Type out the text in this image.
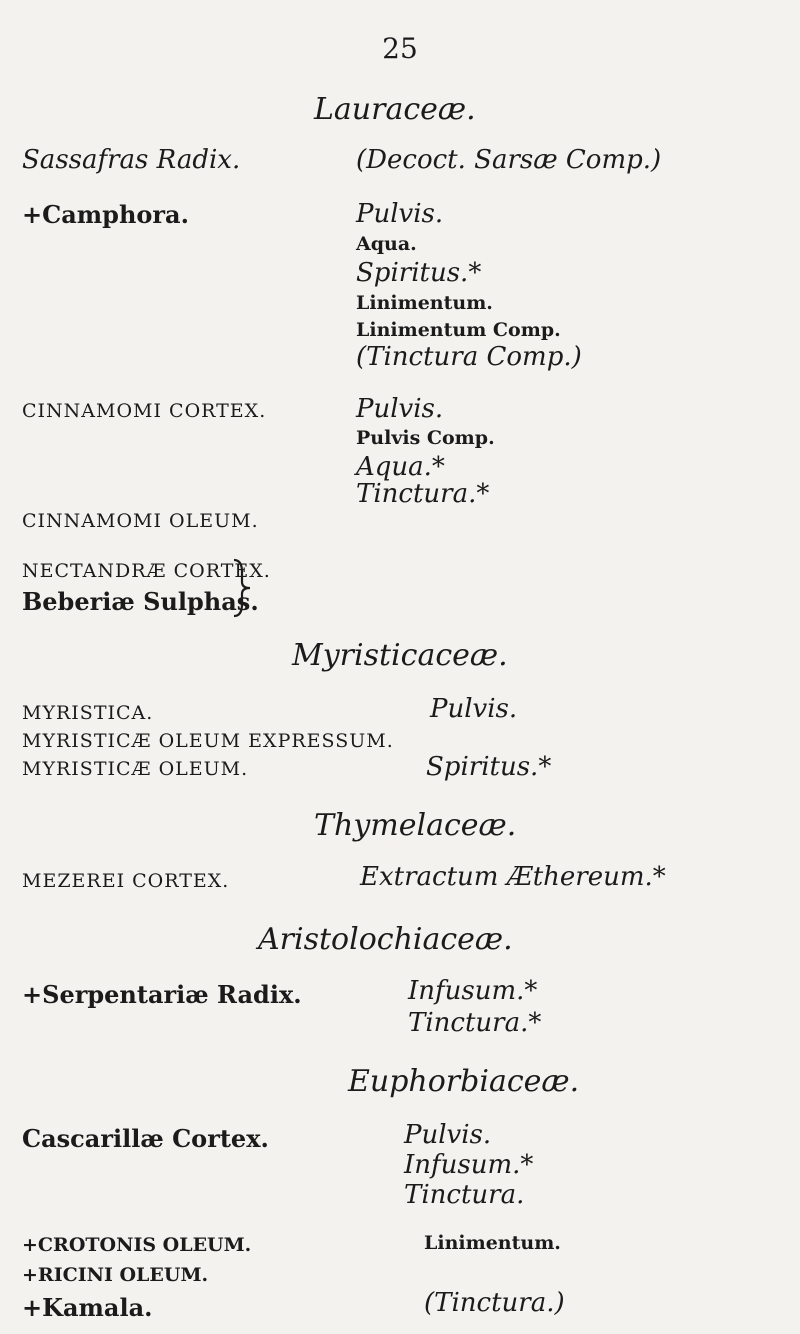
25
Lauraceæ.
Sassafras Radix.	(Decoct. Sarsæ Comp.)
+Camphora.	Pulvis.
Aqua.
Spiritus.*
Linimentum.
Linimentum Comp.
(Tinctura Comp.)
CINNAMOMI CORTEX.	Pulvis.
Pulvis Comp.
Aqua.*
Tinctura.*
CINNAMOMI OLEUM.
NECTANDRÆ CORTEX.
Beberiæ Sulphas.
Myristicaceæ.
MYRISTICA.	Pulvis.
MYRISTICÆ OLEUM EXPRESSUM.
MYRISTICÆ OLEUM.	Spiritus.*
Thymelaceæ.
MEZEREI CORTEX.	Extractum Æthereum.*
Aristolochiaceæ.
+Serpentariæ Radix.	Infusum.*
Tinctura.*
Euphorbiaceæ.
Cascarillæ Cortex.	Pulvis.
Infusum.*
Tinctura.
+CROTONIS OLEUM.	Linimentum.
+RICINI OLEUM.
+Kamala.	(Tinctura.)
